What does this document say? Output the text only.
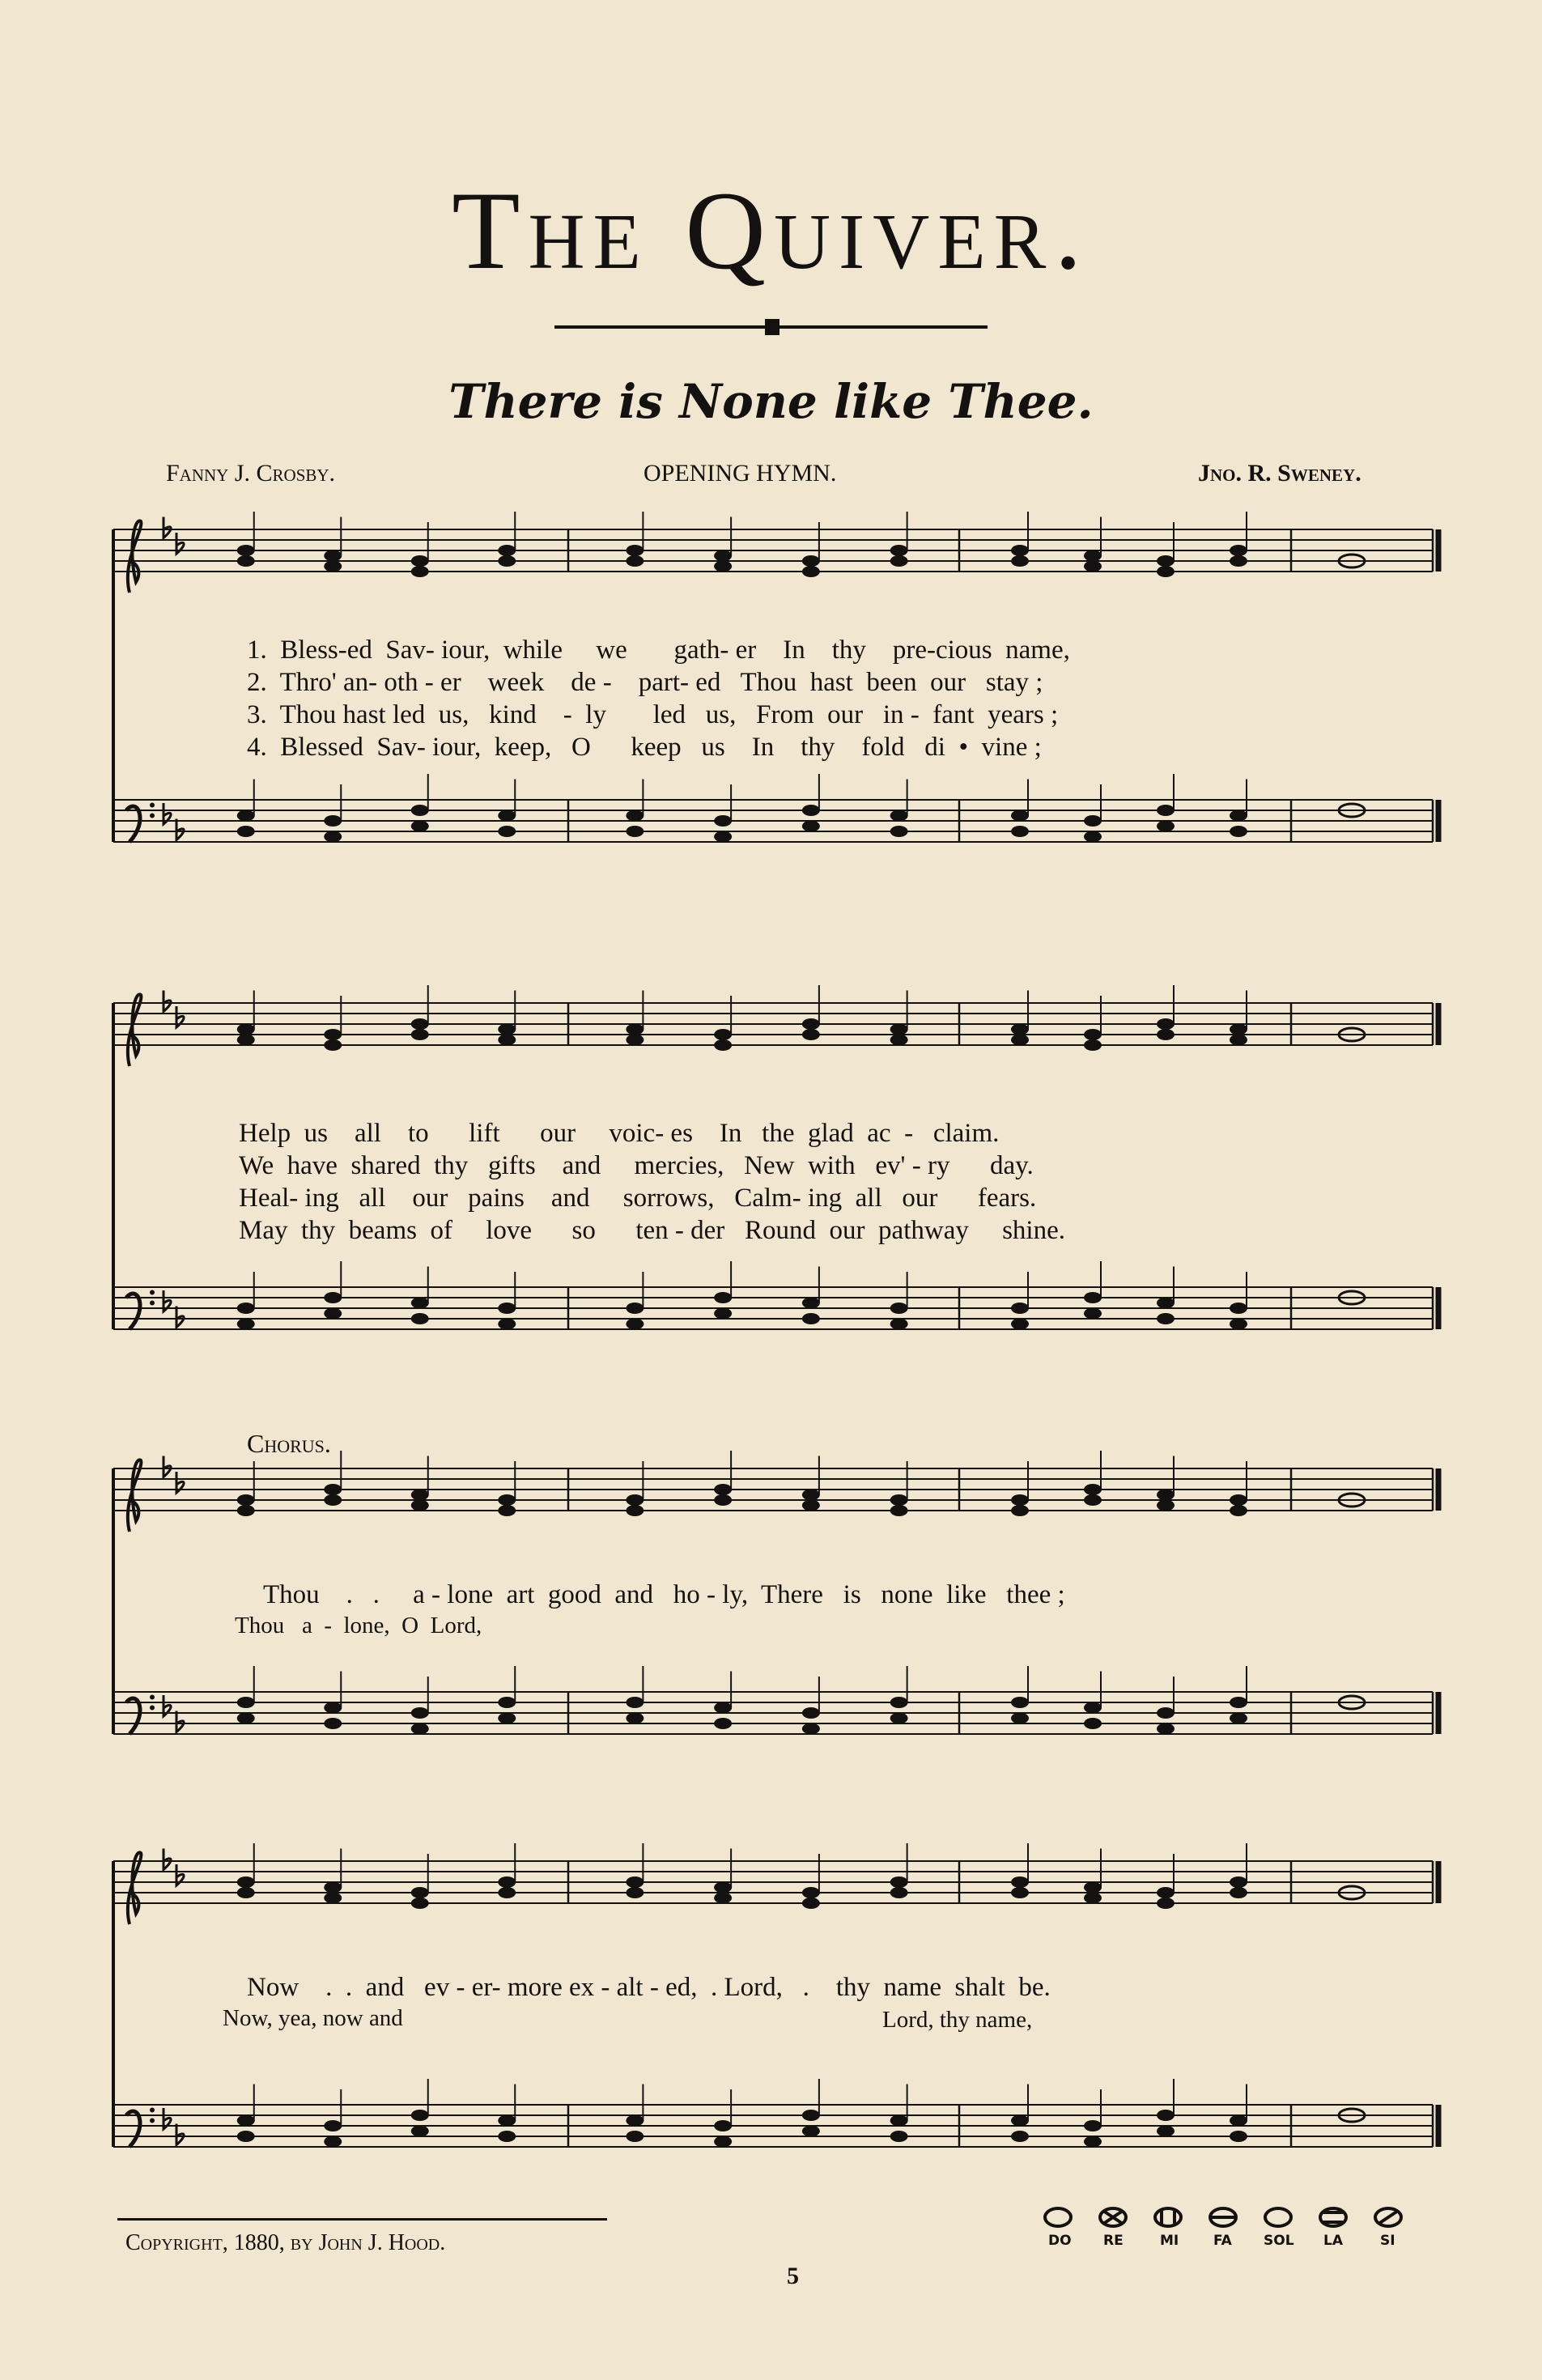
The Quiver.
There is None like Thee.
Fanny J. Crosby.	OPENING HYMN.	Jno. R. Sweney.
1.  Bless-ed  Sav- iour,  while     we       gath- er    In    thy    pre-cious  name,
2.  Thro' an- oth - er    week    de -    part- ed   Thou  hast  been  our   stay ;
3.  Thou hast led  us,   kind    -  ly       led   us,   From  our   in -  fant  years ;
4.  Blessed  Sav- iour,  keep,   O      keep   us    In    thy    fold   di  •  vine ;
Help  us    all    to      lift      our     voic- es    In   the  glad  ac  -   claim.
We  have  shared  thy   gifts    and     mercies,   New  with   ev' - ry      day.
Heal- ing   all    our   pains    and     sorrows,   Calm- ing  all   our      fears.
May  thy  beams  of     love      so      ten - der   Round  our  pathway     shine.
Chorus.
Thou    .   .     a - lone  art  good  and   ho - ly,  There   is   none  like   thee ;
Thou   a  -  lone,  O  Lord,
Now    .  .  and   ev - er- more ex - alt - ed,  . Lord,   .    thy  name  shalt  be.
Now, yea, now and	Lord, thy name,
Copyright, 1880, by John J. Hood.
5
DO RE	MI	FA SOL LA	SI
